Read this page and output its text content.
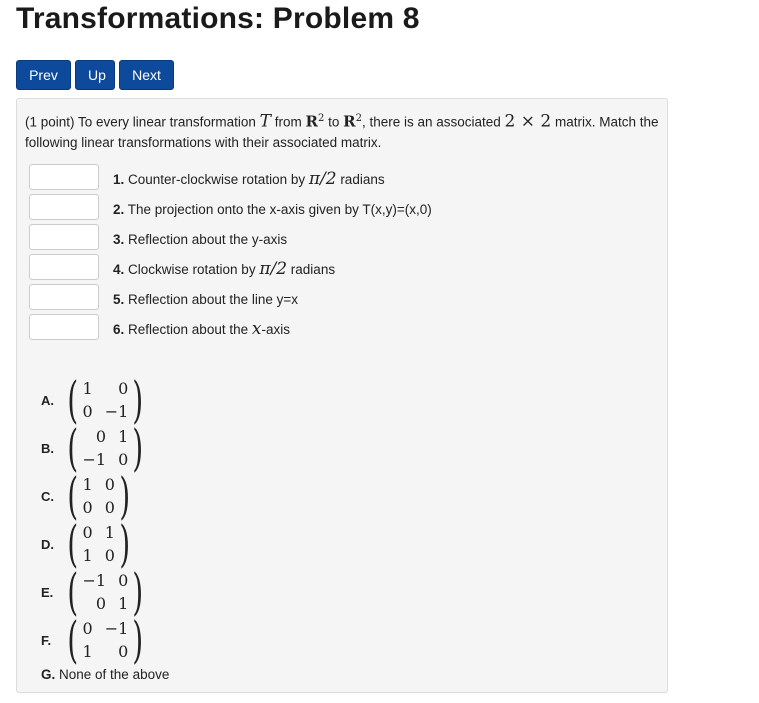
Transformations: Problem 8
Prev	Up	Next
(1 point) To every linear transformation T from $R^2$ to $R^2$, there is an associated 2 × 2 matrix. Match the following linear transformations with their associated matrix.
1. Counter-clockwise rotation by π/2 radians
2. The projection onto the x-axis given by T(x,y)=(x,0)
3. Reflection about the y-axis
4. Clockwise rotation by π/2 radians
5. Reflection about the line y=x
6. Reflection about the x-axis
A. ( 1	0
0 −1 )
B. (	0 1
−1 0 )
C. ( 1 0
0 0 )
D. ( 0 1
1 0 )
E. ( −1 0
0 1 )
F. ( 0 −1
1	0 )
G. None of the above
